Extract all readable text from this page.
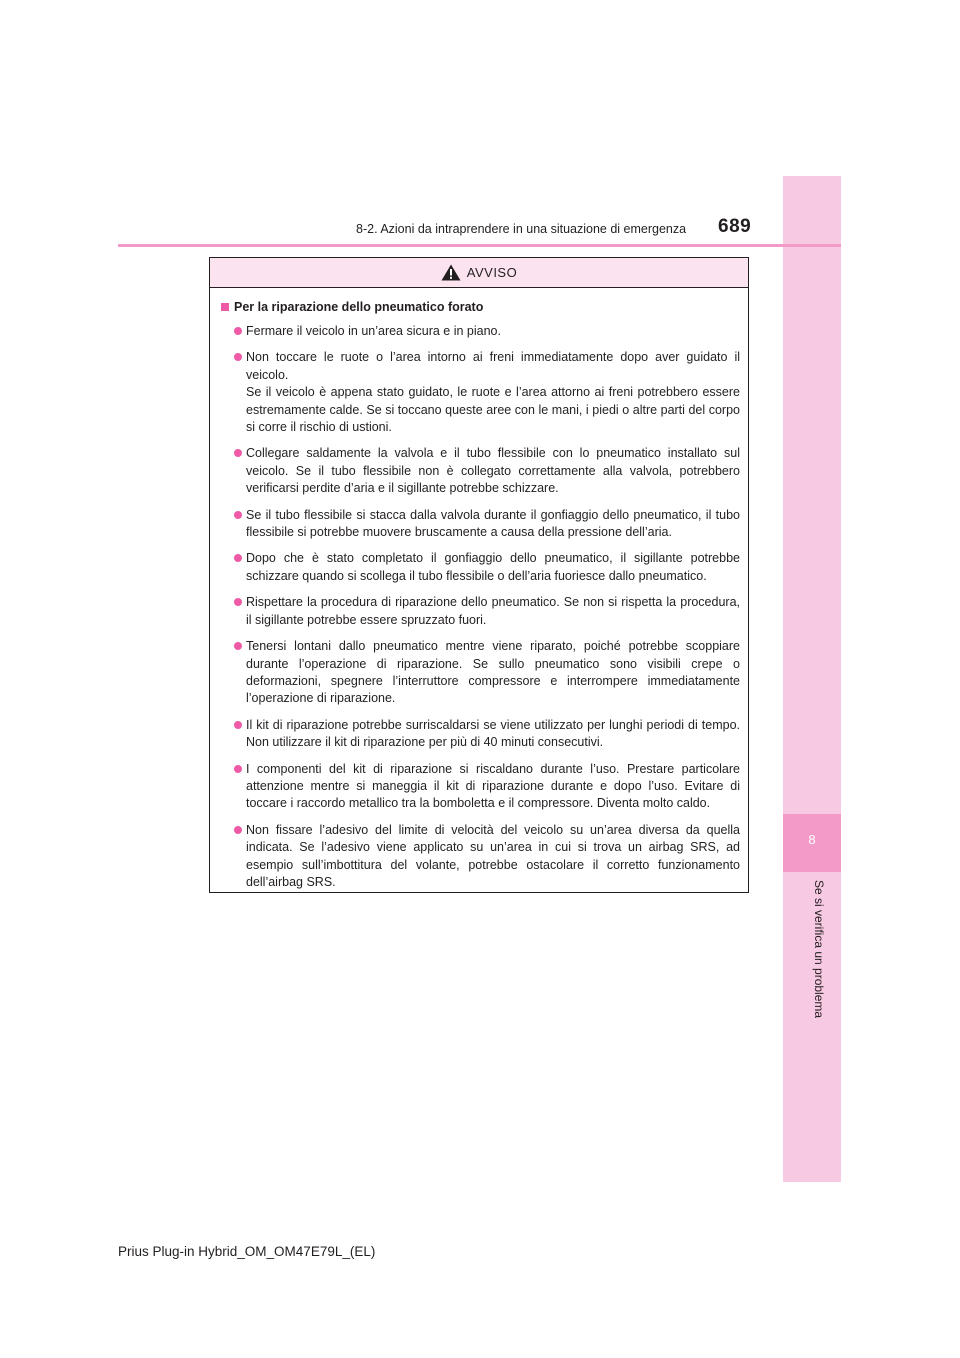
8
Se si verifica un problema
8-2. Azioni da intraprendere in una situazione di emergenza 689
AVVISO
Per la riparazione dello pneumatico forato
Fermare il veicolo in un’area sicura e in piano.
Non toccare le ruote o l’area intorno ai freni immediatamente dopo aver guidato il veicolo.
Se il veicolo è appena stato guidato, le ruote e l’area attorno ai freni potrebbero essere estremamente calde. Se si toccano queste aree con le mani, i piedi o altre parti del corpo si corre il rischio di ustioni.
Collegare saldamente la valvola e il tubo flessibile con lo pneumatico installato sul veicolo. Se il tubo flessibile non è collegato correttamente alla valvola, potrebbero verificarsi perdite d’aria e il sigillante potrebbe schizzare.
Se il tubo flessibile si stacca dalla valvola durante il gonfiaggio dello pneumatico, il tubo flessibile si potrebbe muovere bruscamente a causa della pressione dell’aria.
Dopo che è stato completato il gonfiaggio dello pneumatico, il sigillante potrebbe schizzare quando si scollega il tubo flessibile o dell’aria fuoriesce dallo pneumatico.
Rispettare la procedura di riparazione dello pneumatico. Se non si rispetta la procedura, il sigillante potrebbe essere spruzzato fuori.
Tenersi lontani dallo pneumatico mentre viene riparato, poiché potrebbe scoppiare durante l’operazione di riparazione. Se sullo pneumatico sono visibili crepe o deformazioni, spegnere l’interruttore compressore e interrompere immediatamente l’operazione di riparazione.
Il kit di riparazione potrebbe surriscaldarsi se viene utilizzato per lunghi periodi di tempo. Non utilizzare il kit di riparazione per più di 40 minuti consecutivi.
I componenti del kit di riparazione si riscaldano durante l’uso. Prestare particolare attenzione mentre si maneggia il kit di riparazione durante e dopo l’uso. Evitare di toccare i raccordo metallico tra la bomboletta e il compressore. Diventa molto caldo.
Non fissare l’adesivo del limite di velocità del veicolo su un’area diversa da quella indicata. Se l’adesivo viene applicato su un’area in cui si trova un airbag SRS, ad esempio sull’imbottitura del volante, potrebbe ostacolare il corretto funzionamento dell’airbag SRS.
Prius Plug-in Hybrid_OM_OM47E79L_(EL)
